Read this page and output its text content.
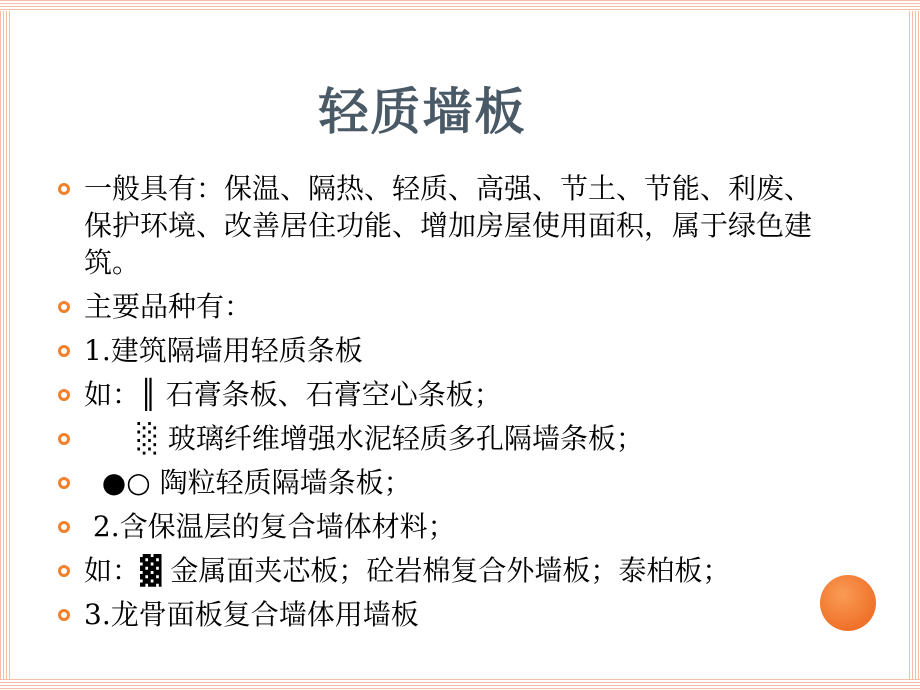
轻质墙板
一般具有：保温、隔热、轻质、高强、节土、节能、利废、保护环境、改善居住功能、增加房屋使用面积，属于绿色建筑。
主要品种有：
1.建筑隔墙用轻质条板
如：║ 石膏条板、石膏空心条板；
░ 玻璃纤维增强水泥轻质多孔隔墙条板；
●○ 陶粒轻质隔墙条板；
2.含保温层的复合墙体材料；
如：▓ 金属面夹芯板；砼岩棉复合外墙板；泰柏板；
3.龙骨面板复合墙体用墙板
